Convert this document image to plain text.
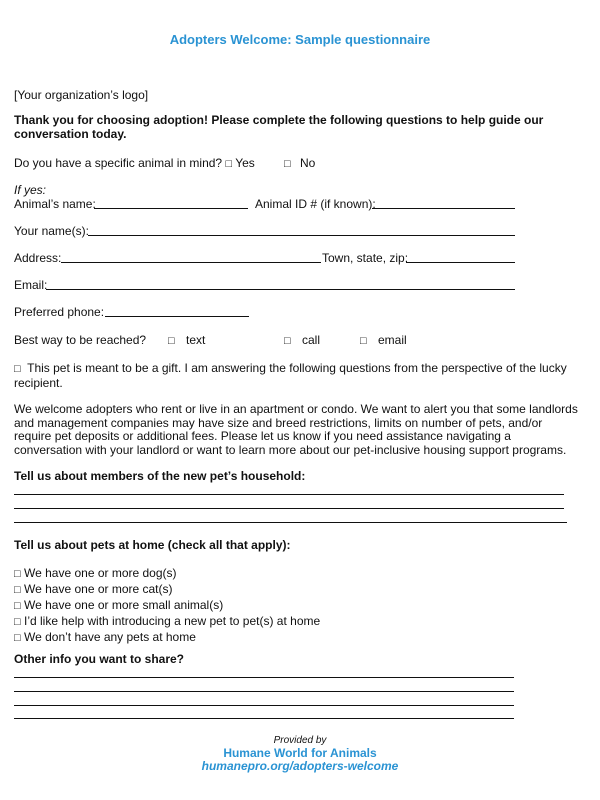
Adopters Welcome: Sample questionnaire
[Your organization’s logo]
Thank you for choosing adoption! Please complete the following questions to help guide our conversation today.
Do you have a specific animal in mind? □ Yes	□ No
If yes:
Animal’s name:	Animal ID # (if known):
Your name(s):
Address:	Town, state, zip:
Email:
Preferred phone:
Best way to be reached? □ text	□ call	□ email
□ This pet is meant to be a gift. I am answering the following questions from the perspective of the lucky recipient.
We welcome adopters who rent or live in an apartment or condo. We want to alert you that some landlords and management companies may have size and breed restrictions, limits on number of pets, and/or require pet deposits or additional fees. Please let us know if you need assistance navigating a conversation with your landlord or want to learn more about our pet-inclusive housing support programs.
Tell us about members of the new pet’s household:
Tell us about pets at home (check all that apply):
□ We have one or more dog(s)
□ We have one or more cat(s)
□ We have one or more small animal(s)
□ I’d like help with introducing a new pet to pet(s) at home
□ We don’t have any pets at home
Other info you want to share?
Provided by
Humane World for Animals
humanepro.org/adopters-welcome
